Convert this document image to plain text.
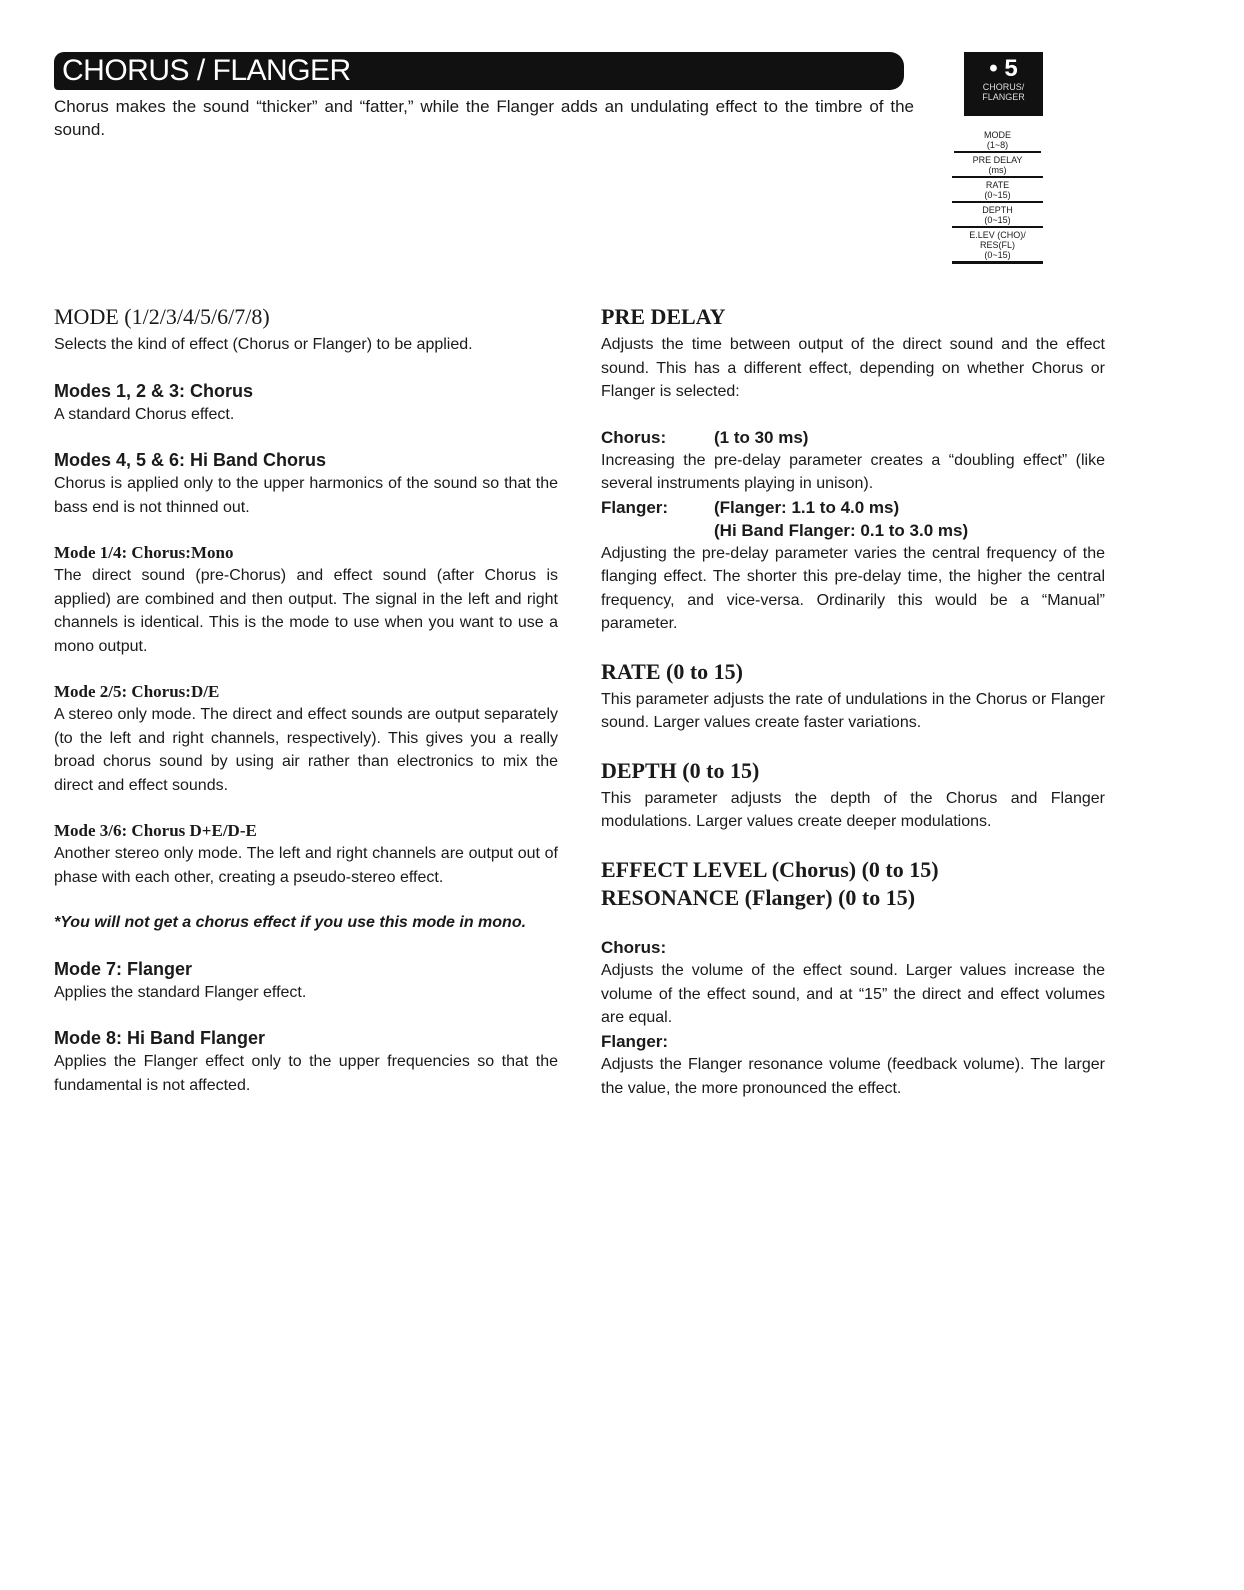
CHORUS / FLANGER

Chorus makes the sound “thicker” and “fatter,” while the Flanger adds an undulating effect to the timbre of the sound.

• 5
CHORUS/ FLANGER
MODE
(1~8)
PRE DELAY
(ms)
RATE
(0~15)
DEPTH
(0~15)
E.LEV (CHO)/ RES(FL)
(0~15)
MODE (1/2/3/4/5/6/7/8)

Selects the kind of effect (Chorus or Flanger) to be applied.

Modes 1, 2 & 3: Chorus

A standard Chorus effect.

Modes 4, 5 & 6: Hi Band Chorus

Chorus is applied only to the upper harmonics of the sound so that the bass end is not thinned out.

Mode 1/4: Chorus:Mono

The direct sound (pre-Chorus) and effect sound (after Chorus is applied) are combined and then output. The signal in the left and right channels is identical. This is the mode to use when you want to use a mono output.

Mode 2/5: Chorus:D/E

A stereo only mode. The direct and effect sounds are output separately (to the left and right channels, respectively). This gives you a really broad chorus sound by using air rather than electronics to mix the direct and effect sounds.

Mode 3/6: Chorus D+E/D-E

Another stereo only mode. The left and right channels are output out of phase with each other, creating a pseudo-stereo effect.

*You will not get a chorus effect if you use this mode in mono.

Mode 7: Flanger

Applies the standard Flanger effect.

Mode 8: Hi Band Flanger

Applies the Flanger effect only to the upper frequencies so that the fundamental is not affected.

PRE DELAY

Adjusts the time between output of the direct sound and the effect sound. This has a different effect, depending on whether Chorus or Flanger is selected:

Chorus:	(1 to 30 ms)

Increasing the pre-delay parameter creates a “doubling effect” (like several instruments playing in unison).

Flanger:	(Flanger: 1.1 to 4.0 ms)
(Hi Band Flanger: 0.1 to 3.0 ms)

Adjusting the pre-delay parameter varies the central frequency of the flanging effect. The shorter this pre-delay time, the higher the central frequency, and vice-versa. Ordinarily this would be a “Manual” parameter.

RATE (0 to 15)

This parameter adjusts the rate of undulations in the Chorus or Flanger sound. Larger values create faster variations.

DEPTH (0 to 15)

This parameter adjusts the depth of the Chorus and Flanger modulations. Larger values create deeper modulations.

EFFECT LEVEL (Chorus) (0 to 15)
RESONANCE (Flanger) (0 to 15)
Chorus:

Adjusts the volume of the effect sound. Larger values increase the volume of the effect sound, and at “15” the direct and effect volumes are equal.

Flanger:

Adjusts the Flanger resonance volume (feedback volume). The larger the value, the more pronounced the effect.
